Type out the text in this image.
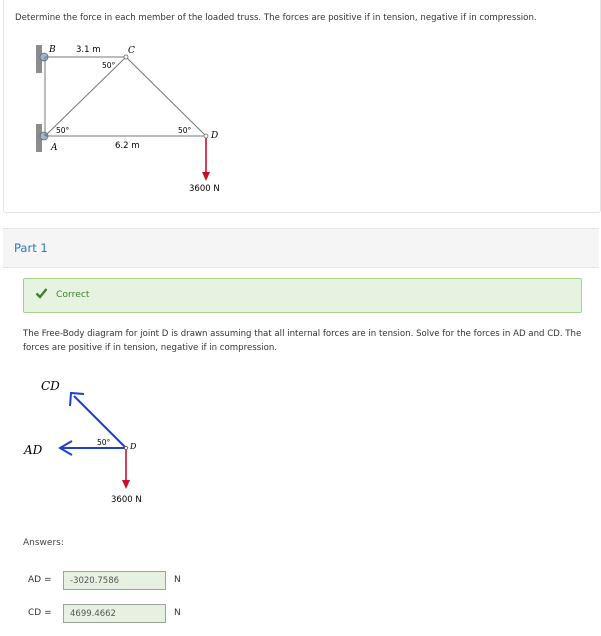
Determine the force in each member of the loaded truss. The forces are positive if in tension, negative if in compression.
B 3.1 m	C
50°
50°
A
50°
D
6.2 m
3600 N
Part 1
Correct
The Free-Body diagram for joint D is drawn assuming that all internal forces are in tension. Solve for the forces in AD and CD. The forces are positive if in tension, negative if in compression.
CD
AD
50° D
3600 N
Answers:
AD =	-3020.7586	N
CD =	4699.4662	N
